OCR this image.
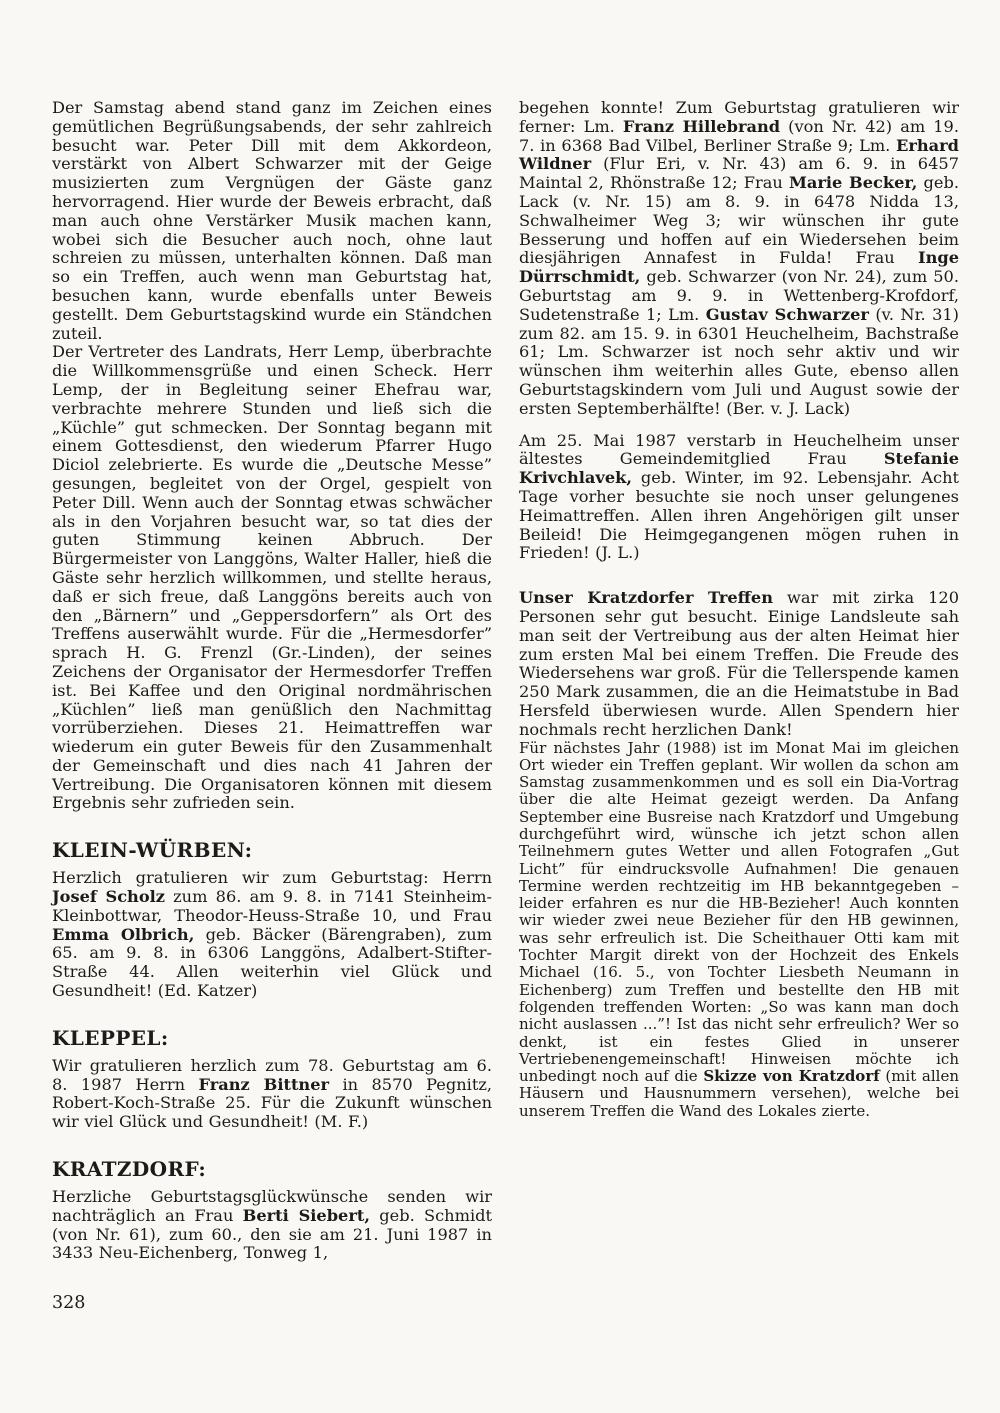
Der Samstag abend stand ganz im Zeichen eines gemütlichen Begrüßungsabends, der sehr zahlreich besucht war. Peter Dill mit dem Akkordeon, verstärkt von Albert Schwarzer mit der Geige musizierten zum Vergnügen der Gäste ganz hervorragend. Hier wurde der Beweis erbracht, daß man auch ohne Verstärker Musik machen kann, wobei sich die Besucher auch noch, ohne laut schreien zu müssen, unterhalten können. Daß man so ein Treffen, auch wenn man Geburtstag hat, besuchen kann, wurde ebenfalls unter Beweis gestellt. Dem Geburtstagskind wurde ein Ständchen zuteil.

Der Vertreter des Landrats, Herr Lemp, überbrachte die Willkommensgrüße und einen Scheck. Herr Lemp, der in Begleitung seiner Ehefrau war, verbrachte mehrere Stunden und ließ sich die „Küchle” gut schmecken. Der Sonntag begann mit einem Gottesdienst, den wiederum Pfarrer Hugo Diciol zelebrierte. Es wurde die „Deutsche Messe” gesungen, begleitet von der Orgel, gespielt von Peter Dill. Wenn auch der Sonntag etwas schwächer als in den Vorjahren besucht war, so tat dies der guten Stimmung keinen Abbruch. Der Bürgermeister von Langgöns, Walter Haller, hieß die Gäste sehr herzlich willkommen, und stellte heraus, daß er sich freue, daß Langgöns bereits auch von den „Bärnern” und „Geppersdorfern” als Ort des Treffens auserwählt wurde. Für die „Hermesdorfer” sprach H. G. Frenzl (Gr.-Linden), der seines Zeichens der Organisator der Hermesdorfer Treffen ist. Bei Kaffee und den Original nordmährischen „Küchlen” ließ man genüßlich den Nachmittag vorrüberziehen. Dieses 21. Heimattreffen war wiederum ein guter Beweis für den Zusammenhalt der Gemeinschaft und dies nach 41 Jahren der Vertreibung. Die Organisatoren können mit diesem Ergebnis sehr zufrieden sein.

KLEIN-WÜRBEN:

Herzlich gratulieren wir zum Geburtstag: Herrn Josef Scholz zum 86. am 9. 8. in 7141 Steinheim-Kleinbottwar, Theodor-Heuss-Straße 10, und Frau Emma Olbrich, geb. Bäcker (Bärengraben), zum 65. am 9. 8. in 6306 Langgöns, Adalbert-Stifter-Straße 44. Allen weiterhin viel Glück und Gesundheit! (Ed. Katzer)

KLEPPEL:

Wir gratulieren herzlich zum 78. Geburtstag am 6. 8. 1987 Herrn Franz Bittner in 8570 Pegnitz, Robert-Koch-Straße 25. Für die Zukunft wünschen wir viel Glück und Gesundheit! (M. F.)

KRATZDORF:

Herzliche Geburtstagsglückwünsche senden wir nachträglich an Frau Berti Siebert, geb. Schmidt (von Nr. 61), zum 60., den sie am 21. Juni 1987 in 3433 Neu-Eichenberg, Tonweg 1,

begehen konnte! Zum Geburtstag gratulieren wir ferner: Lm. Franz Hillebrand (von Nr. 42) am 19. 7. in 6368 Bad Vilbel, Berliner Straße 9; Lm. Erhard Wildner (Flur Eri, v. Nr. 43) am 6. 9. in 6457 Maintal 2, Rhönstraße 12; Frau Marie Becker, geb. Lack (v. Nr. 15) am 8. 9. in 6478 Nidda 13, Schwalheimer Weg 3; wir wünschen ihr gute Besserung und hoffen auf ein Wiedersehen beim diesjährigen Annafest in Fulda! Frau Inge Dürrschmidt, geb. Schwarzer (von Nr. 24), zum 50. Geburtstag am 9. 9. in Wettenberg-Krofdorf, Sudetenstraße 1; Lm. Gustav Schwarzer (v. Nr. 31) zum 82. am 15. 9. in 6301 Heuchelheim, Bachstraße 61; Lm. Schwarzer ist noch sehr aktiv und wir wünschen ihm weiterhin alles Gute, ebenso allen Geburtstagskindern vom Juli und August sowie der ersten Septemberhälfte! (Ber. v. J. Lack)

Am 25. Mai 1987 verstarb in Heuchelheim unser ältestes Gemeindemitglied Frau Stefanie Krivchlavek, geb. Winter, im 92. Lebensjahr. Acht Tage vorher besuchte sie noch unser gelungenes Heimattreffen. Allen ihren Angehörigen gilt unser Beileid! Die Heimgegangenen mögen ruhen in Frieden! (J. L.)

Unser Kratzdorfer Treffen war mit zirka 120 Personen sehr gut besucht. Einige Landsleute sah man seit der Vertreibung aus der alten Heimat hier zum ersten Mal bei einem Treffen. Die Freude des Wiedersehens war groß. Für die Tellerspende kamen 250 Mark zusammen, die an die Heimatstube in Bad Hersfeld überwiesen wurde. Allen Spendern hier nochmals recht herzlichen Dank!

Für nächstes Jahr (1988) ist im Monat Mai im gleichen Ort wieder ein Treffen geplant. Wir wollen da schon am Samstag zusammenkommen und es soll ein Dia-Vortrag über die alte Heimat gezeigt werden. Da Anfang September eine Busreise nach Kratzdorf und Umgebung durchgeführt wird, wünsche ich jetzt schon allen Teilnehmern gutes Wetter und allen Fotografen „Gut Licht” für eindrucksvolle Aufnahmen! Die genauen Termine werden rechtzeitig im HB bekanntgegeben – leider erfahren es nur die HB-Bezieher! Auch konnten wir wieder zwei neue Bezieher für den HB gewinnen, was sehr erfreulich ist. Die Scheithauer Otti kam mit Tochter Margit direkt von der Hochzeit des Enkels Michael (16. 5., von Tochter Liesbeth Neumann in Eichenberg) zum Treffen und bestellte den HB mit folgenden treffenden Worten: „So was kann man doch nicht auslassen ...”! Ist das nicht sehr erfreulich? Wer so denkt, ist ein festes Glied in unserer Vertriebenengemeinschaft! Hinweisen möchte ich unbedingt noch auf die Skizze von Kratzdorf (mit allen Häusern und Hausnummern versehen), welche bei unserem Treffen die Wand des Lokales zierte.

328
